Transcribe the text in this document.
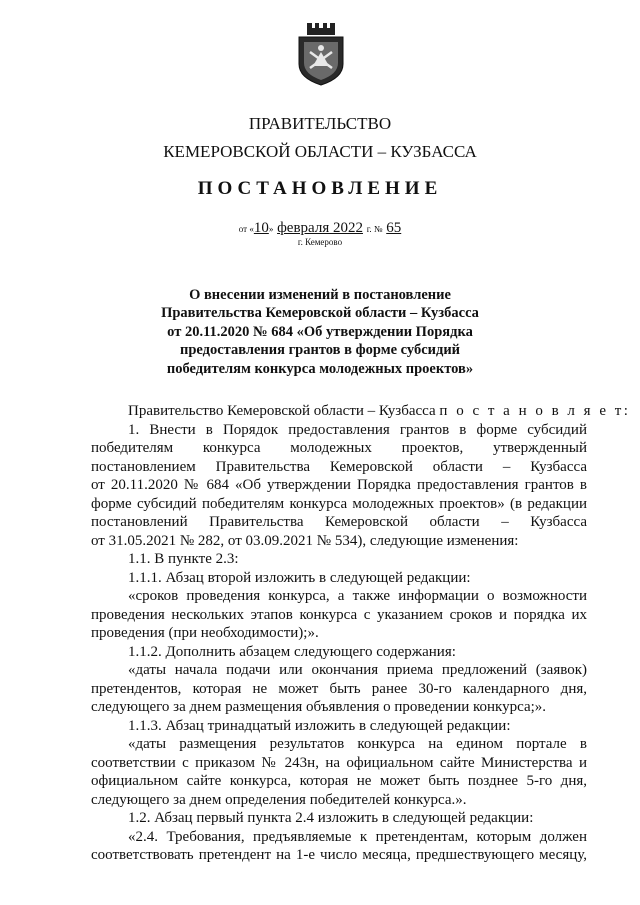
ПРАВИТЕЛЬСТВО
КЕМЕРОВСКОЙ ОБЛАСТИ – КУЗБАССА
ПОСТАНОВЛЕНИЕ
от «10» февраля 2022 г. № 65
г. Кемерово
О внесении изменений в постановление
Правительства Кемеровской области – Кузбасса
от 20.11.2020 № 684 «Об утверждении Порядка
предоставления грантов в форме субсидий
победителям конкурса молодежных проектов»
Правительство Кемеровской области – Кузбасса п о с т а н о в л я е т:
1. Внести в Порядок предоставления грантов в форме субсидий
победителям конкурса молодежных проектов, утвержденный
постановлением Правительства Кемеровской области – Кузбасса
от 20.11.2020 № 684 «Об утверждении Порядка предоставления грантов в
форме субсидий победителям конкурса молодежных проектов» (в редакции
постановлений Правительства Кемеровской области – Кузбасса
от 31.05.2021 № 282, от 03.09.2021 № 534), следующие изменения:
1.1. В пункте 2.3:
1.1.1. Абзац второй изложить в следующей редакции:
«сроков проведения конкурса, а также информации о возможности
проведения нескольких этапов конкурса с указанием сроков и порядка их
проведения (при необходимости);».
1.1.2. Дополнить абзацем следующего содержания:
«даты начала подачи или окончания приема предложений (заявок)
претендентов, которая не может быть ранее 30-го календарного дня,
следующего за днем размещения объявления о проведении конкурса;».
1.1.3. Абзац тринадцатый изложить в следующей редакции:
«даты размещения результатов конкурса на едином портале в
соответствии с приказом № 243н, на официальном сайте Министерства и
официальном сайте конкурса, которая не может быть позднее 5-го дня,
следующего за днем определения победителей конкурса.».
1.2. Абзац первый пункта 2.4 изложить в следующей редакции:
«2.4. Требования, предъявляемые к претендентам, которым должен
соответствовать претендент на 1-е число месяца, предшествующего месяцу,
